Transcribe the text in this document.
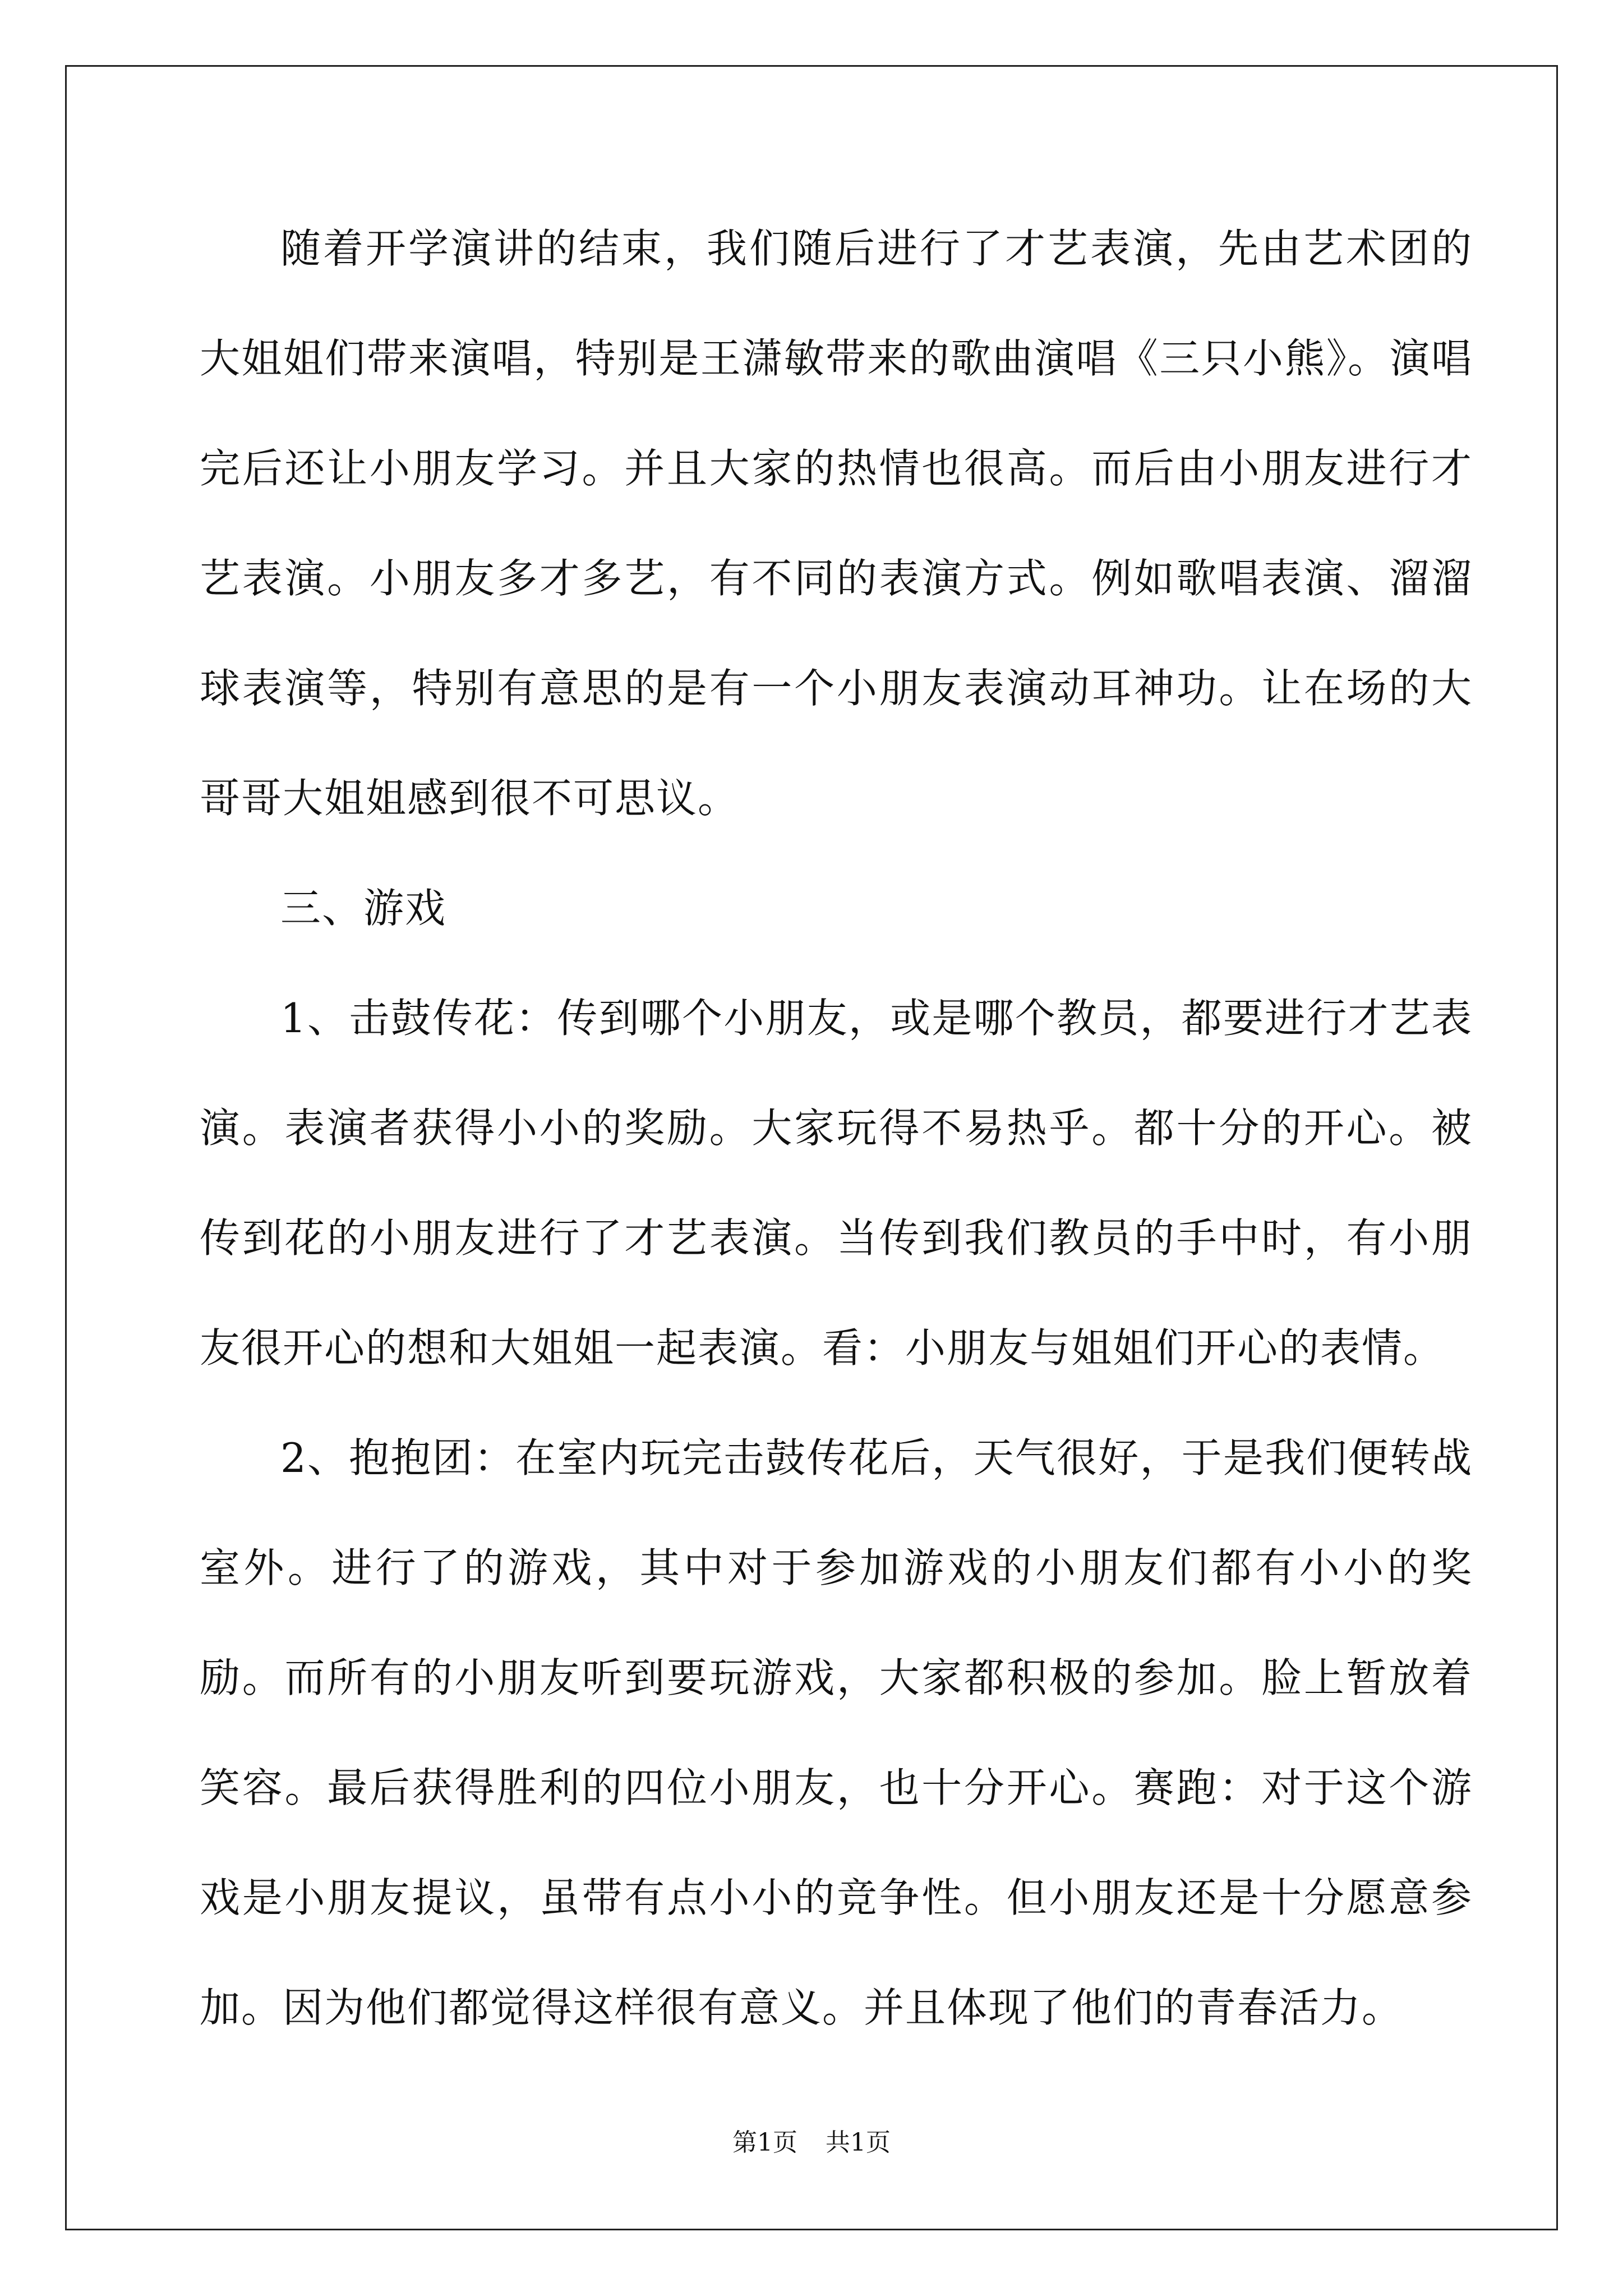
随着开学演讲的结束，我们随后进行了才艺表演，先由艺术团的大姐姐们带来演唱，特别是王潇敏带来的歌曲演唱《三只小熊》。演唱完后还让小朋友学习。并且大家的热情也很高。而后由小朋友进行才艺表演。小朋友多才多艺，有不同的表演方式。例如歌唱表演、溜溜球表演等，特别有意思的是有一个小朋友表演动耳神功。让在场的大哥哥大姐姐感到很不可思议。

三、游戏

1、击鼓传花：传到哪个小朋友，或是哪个教员，都要进行才艺表演。表演者获得小小的奖励。大家玩得不易热乎。都十分的开心。被传到花的小朋友进行了才艺表演。当传到我们教员的手中时，有小朋友很开心的想和大姐姐一起表演。看：小朋友与姐姐们开心的表情。

2、抱抱团：在室内玩完击鼓传花后，天气很好，于是我们便转战室外。进行了的游戏，其中对于参加游戏的小朋友们都有小小的奖励。而所有的小朋友听到要玩游戏，大家都积极的参加。脸上暂放着笑容。最后获得胜利的四位小朋友，也十分开心。赛跑：对于这个游戏是小朋友提议，虽带有点小小的竞争性。但小朋友还是十分愿意参加。因为他们都觉得这样很有意义。并且体现了他们的青春活力。

第1页 共1页
